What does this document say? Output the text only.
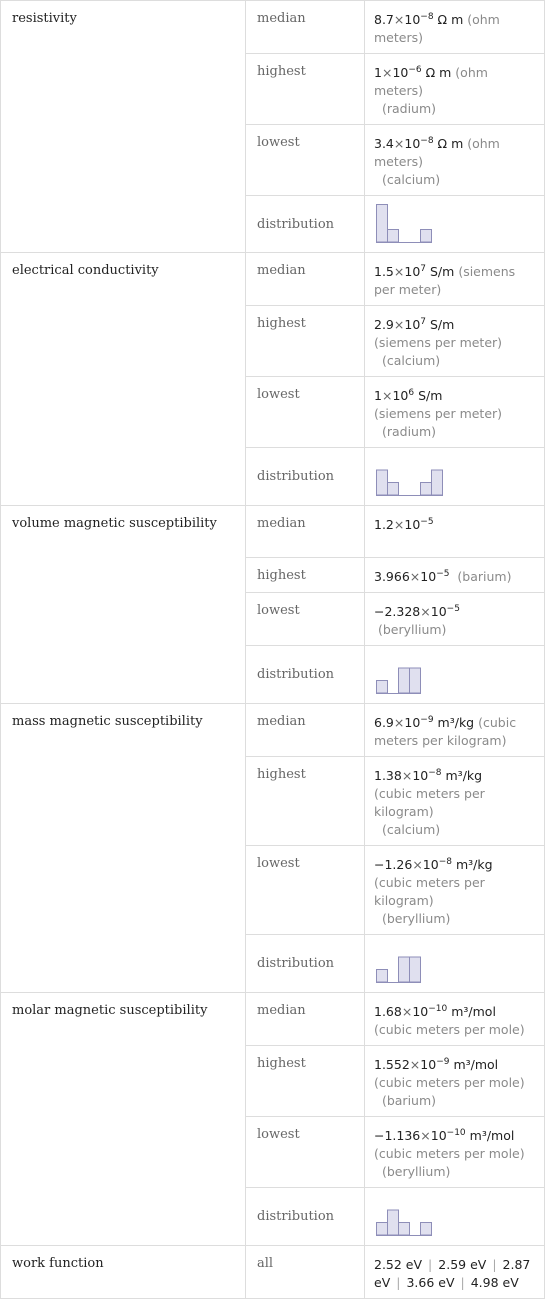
resistivity	median	$8.7\times 10^{-8}$ Ω m (ohm meters)
	highest	$1\times 10^{-6}$ Ω m (ohm meters)
(radium)
	lowest	$3.4\times 10^{-8}$ Ω m (ohm meters)
(calcium)
	distribution	

electrical conductivity	median	$1.5\times 10^7$ S/m (siemens per meter)
	highest	$2.9\times 10^7$ S/m
(siemens per meter)
(calcium)
	lowest	$1\times 10^6$ S/m
(siemens per meter)
(radium)
	distribution	

volume magnetic susceptibility	median	$1.2\times 10^{-5}$
	highest	$3.966\times 10^{-5}$ (barium)
	lowest	$-2.328\times 10^{-5}$  (beryllium)
	distribution	

mass magnetic susceptibility	median	$6.9\times 10^{-9}$ m³/kg (cubic meters per kilogram)
	highest	$1.38\times 10^{-8}$ m³/kg
(cubic meters per kilogram)
(calcium)
	lowest	$-1.26\times 10^{-8}$ m³/kg
(cubic meters per kilogram)
(beryllium)
	distribution	

molar magnetic susceptibility	median	$1.68\times 10^{-10}$ m³/mol (cubic meters per mole)
	highest	$1.552\times 10^{-9}$ m³/mol
(cubic meters per mole)
(barium)
	lowest	$-1.136\times 10^{-10}$ m³/mol
(cubic meters per mole)
(beryllium)
	distribution	

work function	all	2.52 eV | 2.59 eV | 2.87 eV | 3.66 eV | 4.98 eV
